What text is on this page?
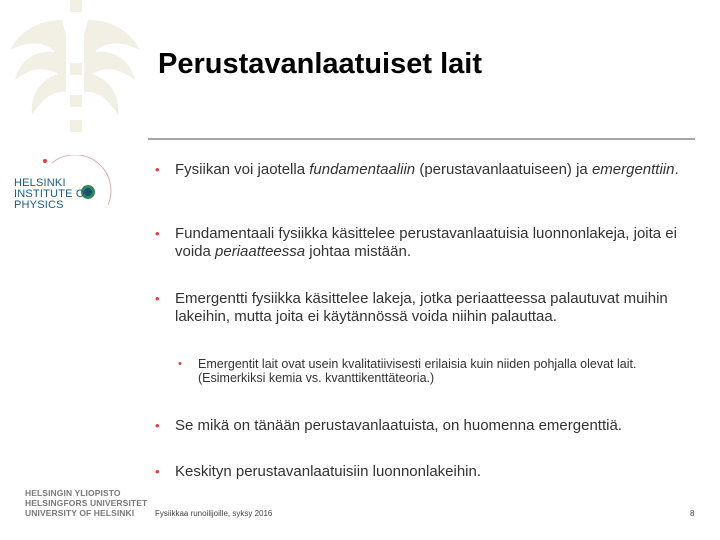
HELSINKI
INSTITUTE OF
PHYSICS
Perustavanlaatuiset lait
•	Fysiikan voi jaotella fundamentaaliin (perustavanlaatuiseen) ja emergenttiin.
•	Fundamentaali fysiikka käsittelee perustavanlaatuisia luonnonlakeja, joita ei voida periaatteessa johtaa mistään.
•	Emergentti fysiikka käsittelee lakeja, jotka periaatteessa palautuvat muihin lakeihin, mutta joita ei käytännössä voida niihin palauttaa.
•	Emergentit lait ovat usein kvalitatiivisesti erilaisia kuin niiden pohjalla olevat lait. (Esimerkiksi kemia vs. kvanttikenttäteoria.)
•	Se mikä on tänään perustavanlaatuista, on huomenna emergenttiä.
•	Keskityn perustavanlaatuisiin luonnonlakeihin.
HELSINGIN YLIOPISTO
HELSINGFORS UNIVERSITET
UNIVERSITY OF HELSINKI	Fysiikkaa runoilijoille, syksy 2016	8
